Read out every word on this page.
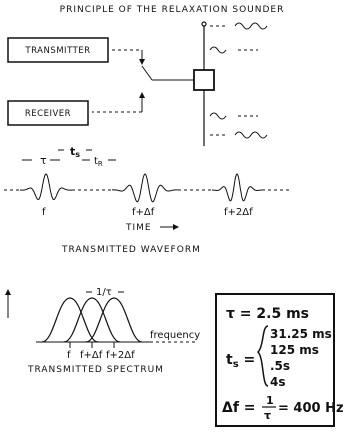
PRINCIPLE OF THE RELAXATION SOUNDER
TRANSMITTER
RECEIVER
ts
τ	$t_R$
f	f+Δf	f+2Δf
TIME
TRANSMITTED WAVEFORM
1/τ
frequency
f f+Δf f+2Δf
TRANSMITTED SPECTRUM
τ = 2.5 ms
$t_s$ =
31.25 ms
125 ms
.5s
4s
Δf = 1
τ = 400 Hz
